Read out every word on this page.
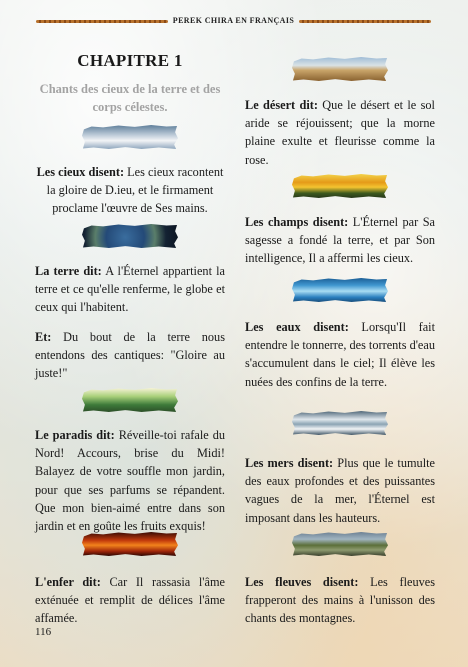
PEREK CHIRA EN FRANÇAIS
CHAPITRE 1
Chants des cieux de la terre et des corps célestes.
Les cieux disent: Les cieux racontent la gloire de D.ieu, et le firmament proclame l'œuvre de Ses mains.
La terre dit: A l'Éternel appartient la terre et ce qu'elle renferme, le globe et ceux qui l'habitent.
Et: Du bout de la terre nous entendons des cantiques: "Gloire au juste!"
Le paradis dit: Réveille-toi rafale du Nord! Accours, brise du Midi! Balayez de votre souffle mon jardin, pour que ses parfums se répandent. Que mon bien-aimé entre dans son jardin et en goûte les fruits exquis!
L'enfer dit: Car Il rassasia l'âme exténuée et remplit de délices l'âme affamée.
Le désert dit: Que le désert et le sol aride se réjouissent; que la morne plaine exulte et fleurisse comme la rose.
Les champs disent: L'Éternel par Sa sagesse a fondé la terre, et par Son intelligence, Il a affermi les cieux.
Les eaux disent: Lorsqu'Il fait entendre le tonnerre, des torrents d'eau s'accumulent dans le ciel; Il élève les nuées des confins de la terre.
Les mers disent: Plus que le tumulte des eaux profondes et des puissantes vagues de la mer, l'Éternel est imposant dans les hauteurs.
Les fleuves disent: Les fleuves frapperont des mains à l'unisson des chants des montagnes.
116
